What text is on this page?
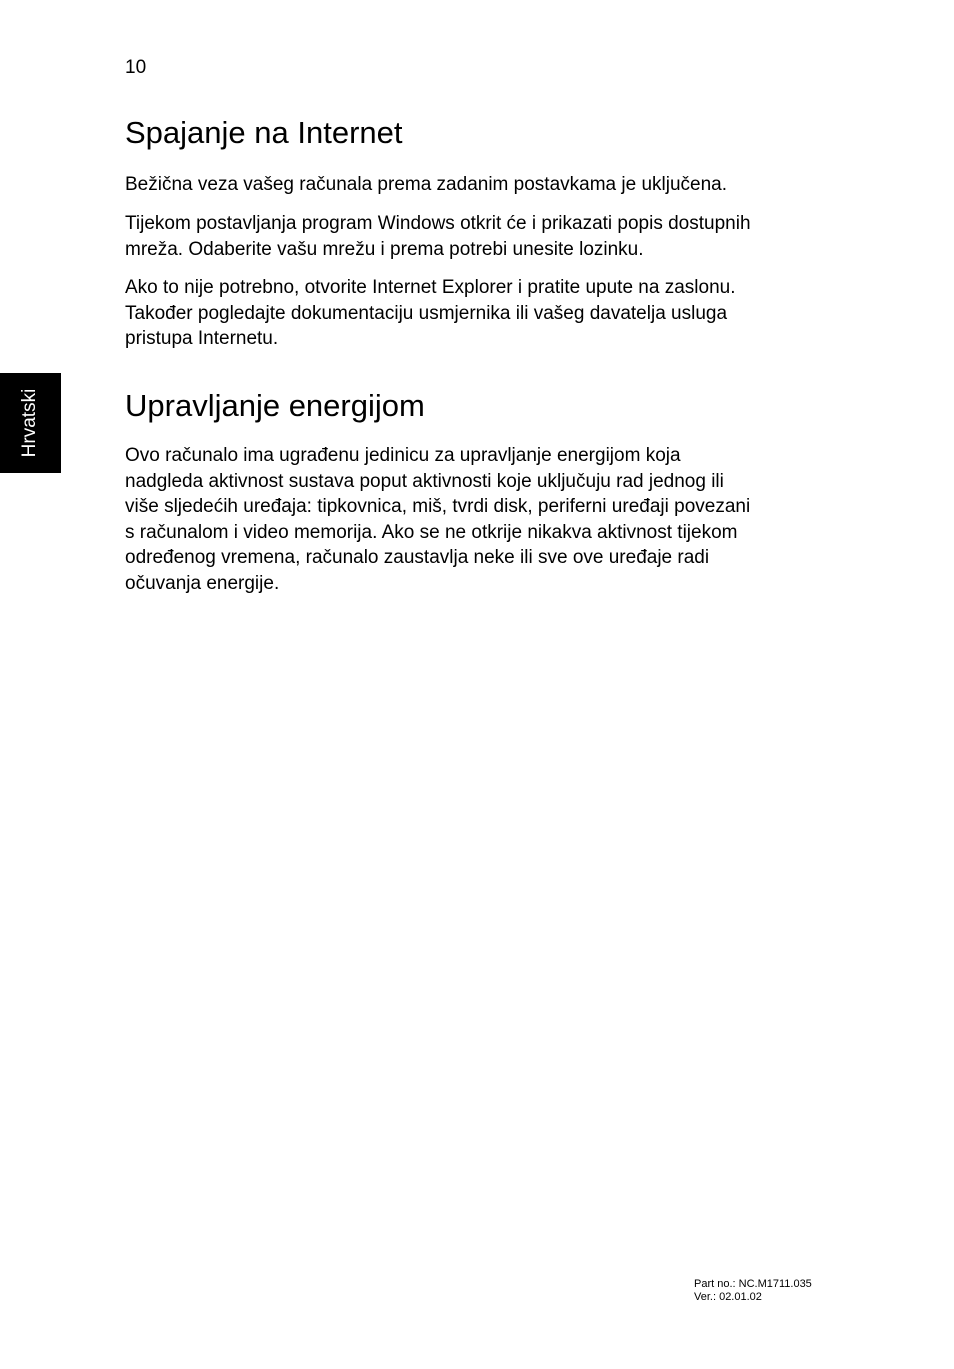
10
Hrvatski
Spajanje na Internet

Bežična veza vašeg računala prema zadanim postavkama je uključena.

Tijekom postavljanja program Windows otkrit će i prikazati popis dostupnih
mreža. Odaberite vašu mrežu i prema potrebi unesite lozinku.

Ako to nije potrebno, otvorite Internet Explorer i pratite upute na zaslonu.
Također pogledajte dokumentaciju usmjernika ili vašeg davatelja usluga
pristupa Internetu.

Upravljanje energijom

Ovo računalo ima ugrađenu jedinicu za upravljanje energijom koja
nadgleda aktivnost sustava poput aktivnosti koje uključuju rad jednog ili
više sljedećih uređaja: tipkovnica, miš, tvrdi disk, periferni uređaji povezani
s računalom i video memorija. Ako se ne otkrije nikakva aktivnost tijekom
određenog vremena, računalo zaustavlja neke ili sve ove uređaje radi
očuvanja energije.

Part no.: NC.M1711.035
Ver.: 02.01.02
